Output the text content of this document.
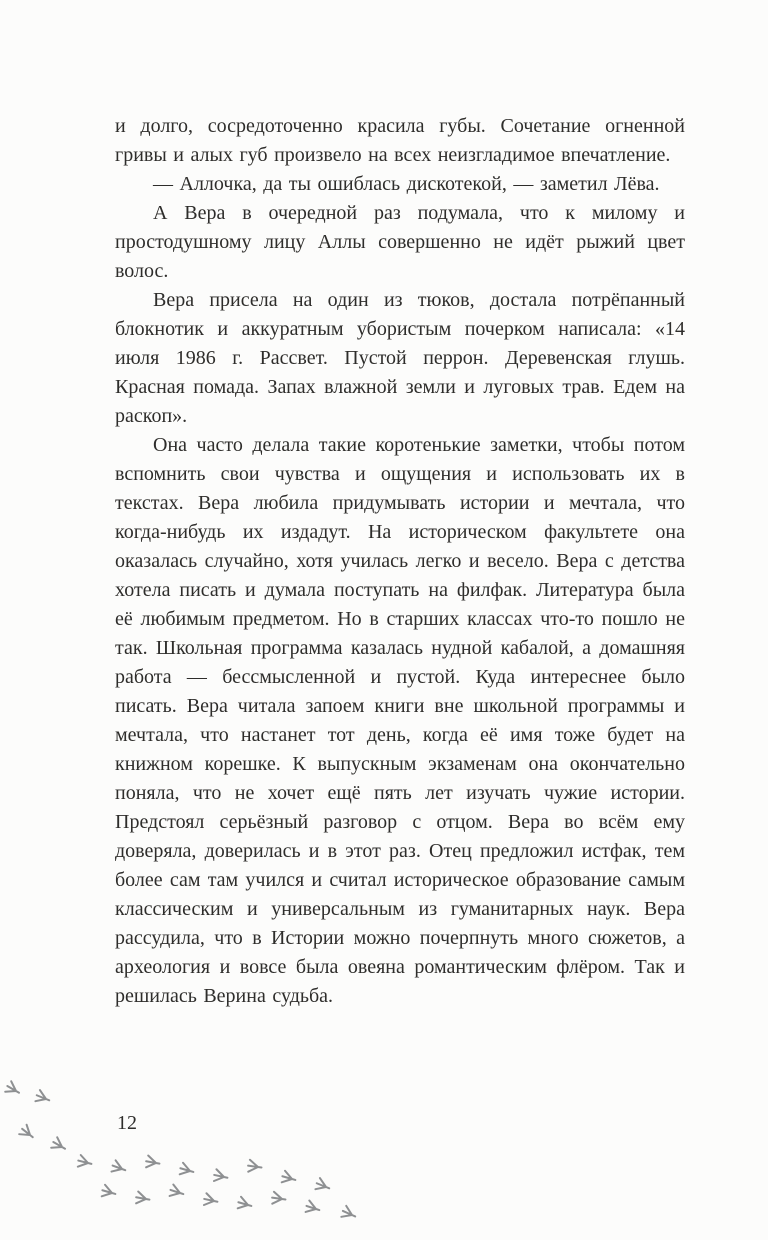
и долго, сосредоточенно красила губы. Сочетание огненной гривы и алых губ произвело на всех неизгладимое впечатление.

— Аллочка, да ты ошиблась дискотекой, — заметил Лёва.

А Вера в очередной раз подумала, что к милому и простодушному лицу Аллы совершенно не идёт рыжий цвет волос.

Вера присела на один из тюков, достала потрёпанный блокнотик и аккуратным убористым почерком написала: «14 июля 1986 г. Рассвет. Пустой перрон. Деревенская глушь. Красная помада. Запах влажной земли и луговых трав. Едем на раскоп».

Она часто делала такие коротенькие заметки, чтобы потом вспомнить свои чувства и ощущения и использовать их в текстах. Вера любила придумывать истории и мечтала, что когда-нибудь их издадут. На историческом факультете она оказалась случайно, хотя училась легко и весело. Вера с детства хотела писать и думала поступать на филфак. Литература была её любимым предметом. Но в старших классах что-то пошло не так. Школьная программа казалась нудной кабалой, а домашняя работа — бессмысленной и пустой. Куда интереснее было писать. Вера читала запоем книги вне школьной программы и мечтала, что настанет тот день, когда её имя тоже будет на книжном корешке. К выпускным экзаменам она окончательно поняла, что не хочет ещё пять лет изучать чужие истории. Предстоял серьёзный разговор с отцом. Вера во всём ему доверяла, доверилась и в этот раз. Отец предложил истфак, тем более сам там учился и считал историческое образование самым классическим и универсальным из гуманитарных наук. Вера рассудила, что в Истории можно почерпнуть много сюжетов, а археология и вовсе была овеяна романтическим флёром. Так и решилась Верина судьба.

12
